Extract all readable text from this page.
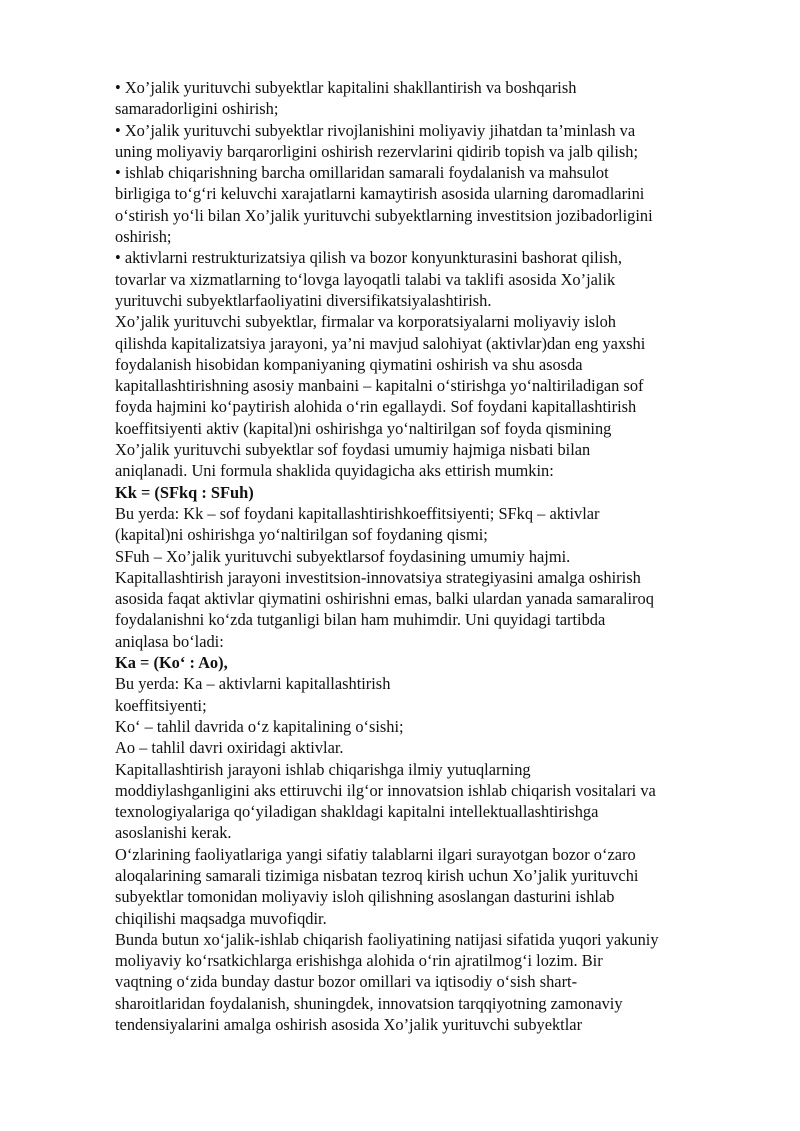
• Xo’jalik yurituvchi subyektlar kapitalini shakllantirish va boshqarish
samaradorligini oshirish;
• Xo’jalik yurituvchi subyektlar rivojlanishini moliyaviy jihatdan ta’minlash va
uning moliyaviy barqarorligini oshirish rezervlarini qidirib topish va jalb qilish;
• ishlab chiqarishning barcha omillaridan samarali foydalanish va mahsulot
birligiga to‘g‘ri keluvchi xarajatlarni kamaytirish asosida ularning daromadlarini
o‘stirish yo‘li bilan Xo’jalik yurituvchi subyektlarning investitsion jozibadorligini
oshirish;
• aktivlarni restrukturizatsiya qilish va bozor konyunkturasini bashorat qilish,
tovarlar va xizmatlarning to‘lovga layoqatli talabi va taklifi asosida Xo’jalik
yurituvchi subyektlarfaoliyatini diversifikatsiyalashtirish.
Xo’jalik yurituvchi subyektlar, firmalar va korporatsiyalarni moliyaviy isloh
qilishda kapitalizatsiya jarayoni, ya’ni mavjud salohiyat (aktivlar)dan eng yaxshi
foydalanish hisobidan kompaniyaning qiymatini oshirish va shu asosda
kapitallashtirishning asosiy manbaini – kapitalni o‘stirishga yo‘naltiriladigan sof
foyda hajmini ko‘paytirish alohida o‘rin egallaydi. Sof foydani kapitallashtirish
koeffitsiyenti aktiv (kapital)ni oshirishga yo‘naltirilgan sof foyda qismining
Xo’jalik yurituvchi subyektlar sof foydasi umumiy hajmiga nisbati bilan
aniqlanadi. Uni formula shaklida quyidagicha aks ettirish mumkin:
Kk = (SFkq : SFuh)
Bu yerda: Kk – sof foydani kapitallashtirishkoeffitsiyenti; SFkq – aktivlar
(kapital)ni oshirishga yo‘naltirilgan sof foydaning qismi;
SFuh – Xo’jalik yurituvchi subyektlarsof foydasining umumiy hajmi.
Kapitallashtirish jarayoni investitsion-innovatsiya strategiyasini amalga oshirish
asosida faqat aktivlar qiymatini oshirishni emas, balki ulardan yanada samaraliroq
foydalanishni ko‘zda tutganligi bilan ham muhimdir. Uni quyidagi tartibda
aniqlasa bo‘ladi:
Ka = (Ko‘ : Ao),
Bu yerda: Ka – aktivlarni kapitallashtirish
koeffitsiyenti;
Ko‘ – tahlil davrida o‘z kapitalining o‘sishi;
Ao – tahlil davri oxiridagi aktivlar.
Kapitallashtirish jarayoni ishlab chiqarishga ilmiy yutuqlarning
moddiylashganligini aks ettiruvchi ilg‘or innovatsion ishlab chiqarish vositalari va
texnologiyalariga qo‘yiladigan shakldagi kapitalni intellektuallashtirishga
asoslanishi kerak.
O‘zlarining faoliyatlariga yangi sifatiy talablarni ilgari surayotgan bozor o‘zaro
aloqalarining samarali tizimiga nisbatan tezroq kirish uchun Xo’jalik yurituvchi
subyektlar tomonidan moliyaviy isloh qilishning asoslangan dasturini ishlab
chiqilishi maqsadga muvofiqdir.
Bunda butun xo‘jalik-ishlab chiqarish faoliyatining natijasi sifatida yuqori yakuniy
moliyaviy ko‘rsatkichlarga erishishga alohida o‘rin ajratilmog‘i lozim. Bir
vaqtning o‘zida bunday dastur bozor omillari va iqtisodiy o‘sish shart-
sharoitlaridan foydalanish, shuningdek, innovatsion tarqqiyotning zamonaviy
tendensiyalarini amalga oshirish asosida Xo’jalik yurituvchi subyektlar
